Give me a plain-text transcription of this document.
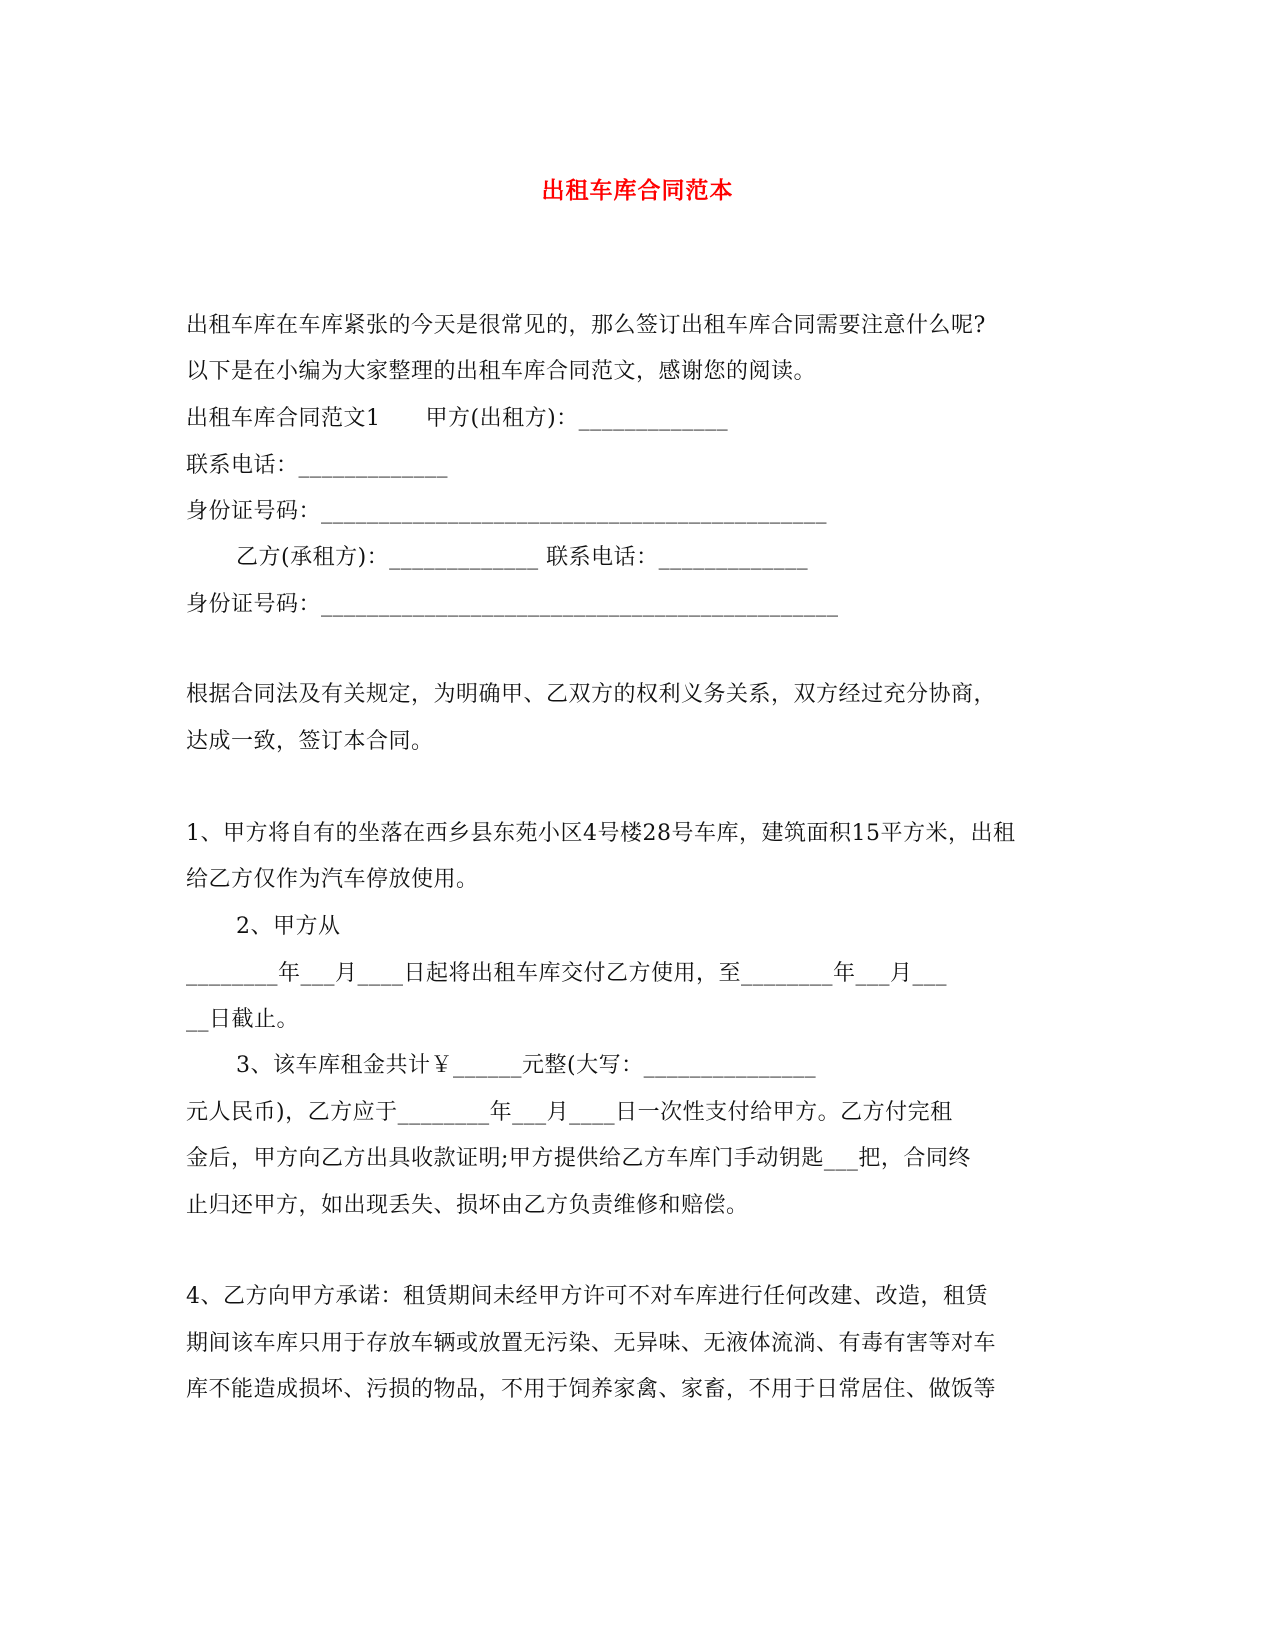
出租车库合同范本
出租车库在车库紧张的今天是很常见的，那么签订出租车库合同需要注意什么呢?
以下是在小编为大家整理的出租车库合同范文，感谢您的阅读。
出租车库合同范文1　　甲方(出租方)：_____________
联系电话：_____________
身份证号码：____________________________________________
乙方(承租方)：_____________ 联系电话：_____________
身份证号码：_____________________________________________
根据合同法及有关规定，为明确甲、乙双方的权利义务关系，双方经过充分协商，
达成一致，签订本合同。
1、甲方将自有的坐落在西乡县东苑小区4号楼28号车库，建筑面积15平方米，出租
给乙方仅作为汽车停放使用。
2、甲方从
________年___月____日起将出租车库交付乙方使用，至________年___月___
__日截止。
3、该车库租金共计￥______元整(大写：_______________
元人民币)，乙方应于________年___月____日一次性支付给甲方。乙方付完租
金后，甲方向乙方出具收款证明;甲方提供给乙方车库门手动钥匙___把，合同终
止归还甲方，如出现丢失、损坏由乙方负责维修和赔偿。
4、乙方向甲方承诺：租赁期间未经甲方许可不对车库进行任何改建、改造，租赁
期间该车库只用于存放车辆或放置无污染、无异味、无液体流淌、有毒有害等对车
库不能造成损坏、污损的物品，不用于饲养家禽、家畜，不用于日常居住、做饭等
